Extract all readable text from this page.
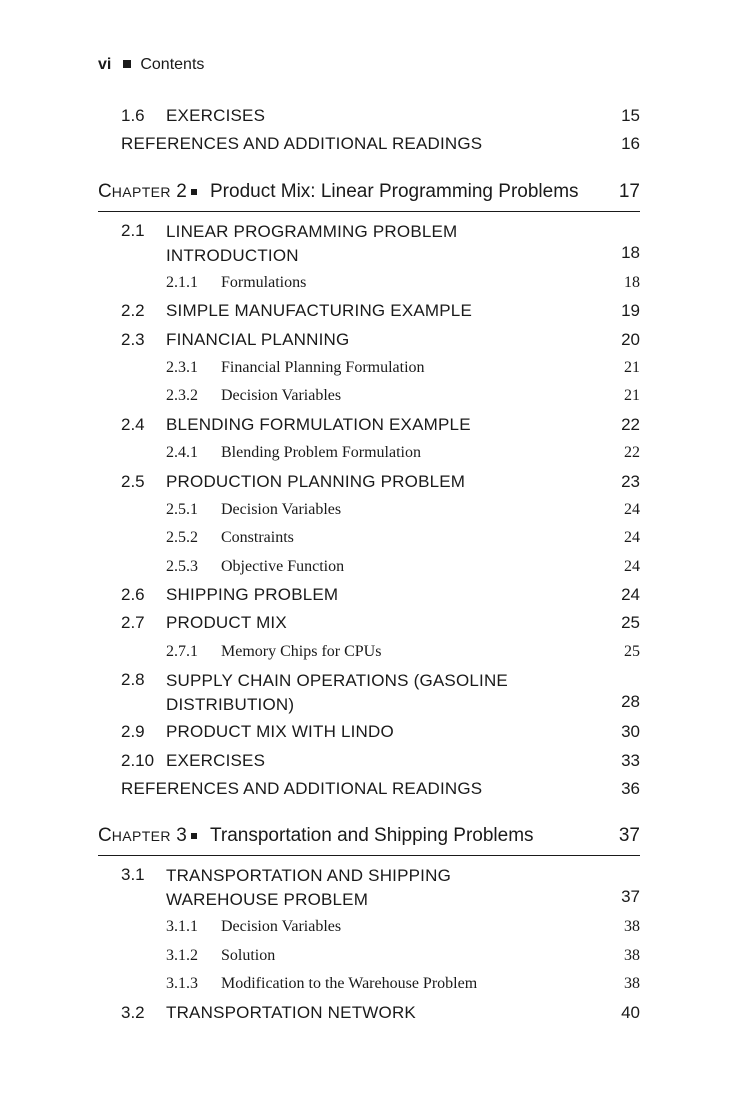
vi Contents
1.6 EXERCISES	15
REFERENCES AND ADDITIONAL READINGS	16
CHAPTER 2 Product Mix: Linear Programming Problems 17
2.1 LINEAR PROGRAMMING PROBLEM
INTRODUCTION	18
2.1.1 Formulations	18
2.2 SIMPLE MANUFACTURING EXAMPLE	19
2.3 FINANCIAL PLANNING	20
2.3.1 Financial Planning Formulation	21
2.3.2 Decision Variables	21
2.4 BLENDING FORMULATION EXAMPLE	22
2.4.1 Blending Problem Formulation	22
2.5 PRODUCTION PLANNING PROBLEM	23
2.5.1 Decision Variables	24
2.5.2 Constraints	24
2.5.3 Objective Function	24
2.6 SHIPPING PROBLEM	24
2.7 PRODUCT MIX	25
2.7.1 Memory Chips for CPUs	25
2.8 SUPPLY CHAIN OPERATIONS (GASOLINE
DISTRIBUTION)	28
2.9 PRODUCT MIX WITH LINDO	30
2.10 EXERCISES	33
REFERENCES AND ADDITIONAL READINGS	36
CHAPTER 3 Transportation and Shipping Problems	37
3.1 TRANSPORTATION AND SHIPPING
WAREHOUSE PROBLEM	37
3.1.1 Decision Variables	38
3.1.2 Solution	38
3.1.3 Modification to the Warehouse Problem	38
3.2 TRANSPORTATION NETWORK	40
